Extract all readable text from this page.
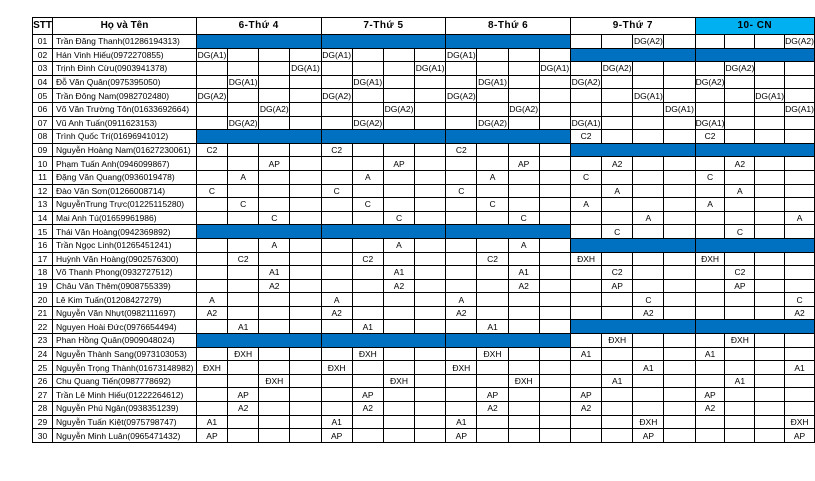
STT	Họ và Tên	6-Thứ 4				7-Thứ 5				8-Thứ 6				9-Thứ 7				10- CN			
01	Trần Đăng Thanh(01286194313)															DG(A2)					DG(A2)
02	Hán Vinh Hiếu(0972270855)	DG(A1)				DG(A1)				DG(A1)											
03	Trịnh Đình Cừu(0903941378)				DG(A1)				DG(A1)				DG(A1)		DG(A2)				DG(A2)		
04	Đỗ Văn Quân(0975395050)		DG(A1)				DG(A1)				DG(A1)			DG(A2)				DG(A2)			
05	Trần Đông Nam(0982702480)	DG(A2)				DG(A2)				DG(A2)						DG(A1)				DG(A1)	
06	Võ Văn Trường Tôn(01633692664)			DG(A2)				DG(A2)				DG(A2)					DG(A1)				DG(A1)
07	Vũ Anh Tuấn(0911623153)		DG(A2)				DG(A2)				DG(A2)			DG(A1)				DG(A1)			
08	Trình Quốc Trí(01696941012)													C2				C2			
09	Nguyễn Hoàng Nam(01627230061)	C2				C2				C2											
10	Phạm Tuấn Anh(0946099867)			AP				AP				AP			A2				A2		
11	Đặng Văn Quang(0936019478)		A				A				A			C				C			
12	Đào Văn Sơn(01266008714)	C				C				C					A				A		
13	NguyễnTrung Trực(01225115280)		C				C				C			A				A			
14	Mai Anh Tú(01659961986)			C				C				C				A					A
15	Thái Văn Hoàng(0942369892)														C				C		
16	Trần Ngọc Linh(01265451241)			A				A				A									
17	Huỳnh Văn Hoàng(0902576300)		C2				C2				C2			ĐXH				ĐXH			
18	Võ Thanh Phong(0932727512)			A1				A1				A1			C2				C2		
19	Châu Văn Thêm(0908755339)			A2				A2				A2			AP				AP		
20	Lê Kim Tuấn(01208427279)	A				A				A						C					C
21	Nguyễn Văn Nhựt(0982111697)	A2				A2				A2						A2					A2
22	Nguyen Hoài Đức(0976654494)		A1				A1				A1										
23	Phan Hồng Quân(0909048024)														ĐXH				ĐXH		
24	Nguyễn Thành Sang(0973103053)		ĐXH				ĐXH				ĐXH			A1				A1			
25	Nguyễn Trọng Thành(01673148982)	ĐXH				ĐXH				ĐXH						A1					A1
26	Chu Quang Tiến(0987778692)			ĐXH				ĐXH				ĐXH			A1				A1		
27	Trần Lê Minh Hiếu(01222264612)		AP				AP				AP			AP				AP			
28	Nguyễn Phú Ngân(0938351239)		A2				A2				A2			A2				A2			
29	Nguyễn Tuấn Kiệt(0975798747)	A1				A1				A1						ĐXH					ĐXH
30	Nguyễn Minh Luân(0965471432)	AP				AP				AP						AP					AP
